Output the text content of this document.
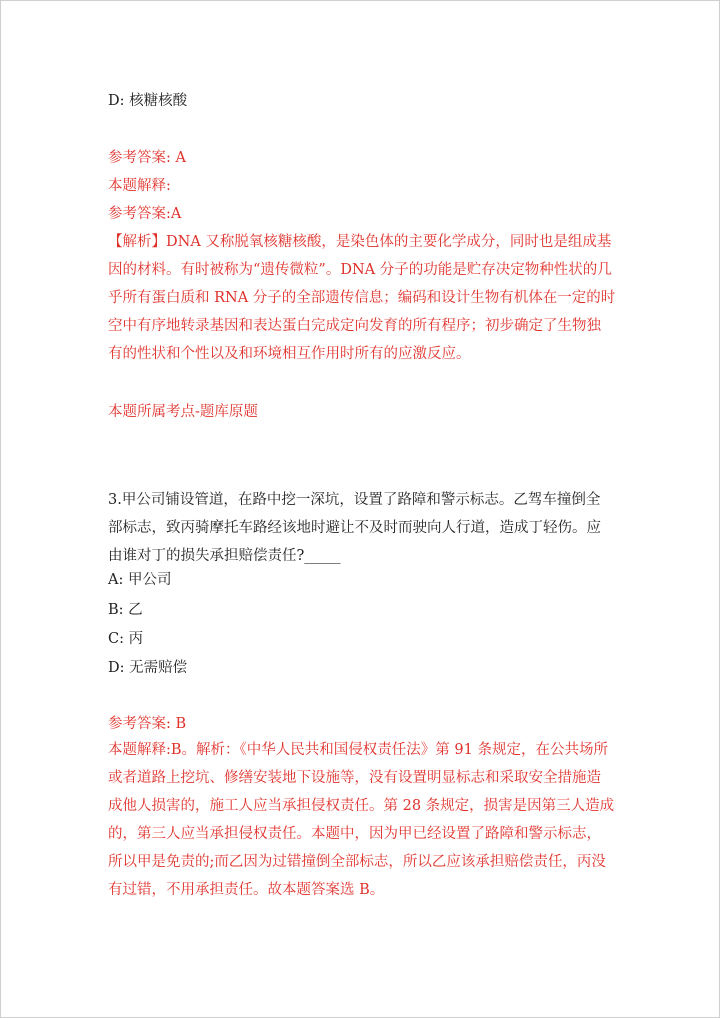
D: 核糖核酸
参考答案: A
本题解释:
参考答案:A
【解析】DNA 又称脱氧核糖核酸，是染色体的主要化学成分，同时也是组成基
因的材料。有时被称为“遗传微粒”。DNA 分子的功能是贮存决定物种性状的几
乎所有蛋白质和 RNA 分子的全部遗传信息；编码和设计生物有机体在一定的时
空中有序地转录基因和表达蛋白完成定向发育的所有程序；初步确定了生物独
有的性状和个性以及和环境相互作用时所有的应激反应。
本题所属考点-题库原题
3.甲公司铺设管道，在路中挖一深坑，设置了路障和警示标志。乙驾车撞倒全
部标志，致丙骑摩托车路经该地时避让不及时而驶向人行道，造成丁轻伤。应
由谁对丁的损失承担赔偿责任?_____
A: 甲公司
B: 乙
C: 丙
D: 无需赔偿
参考答案: B
本题解释:B。解析：《中华人民共和国侵权责任法》第 91 条规定，在公共场所
或者道路上挖坑、修缮安装地下设施等，没有设置明显标志和采取安全措施造
成他人损害的，施工人应当承担侵权责任。第 28 条规定，损害是因第三人造成
的，第三人应当承担侵权责任。本题中，因为甲已经设置了路障和警示标志，
所以甲是免责的;而乙因为过错撞倒全部标志，所以乙应该承担赔偿责任，丙没
有过错，不用承担责任。故本题答案选 B。
